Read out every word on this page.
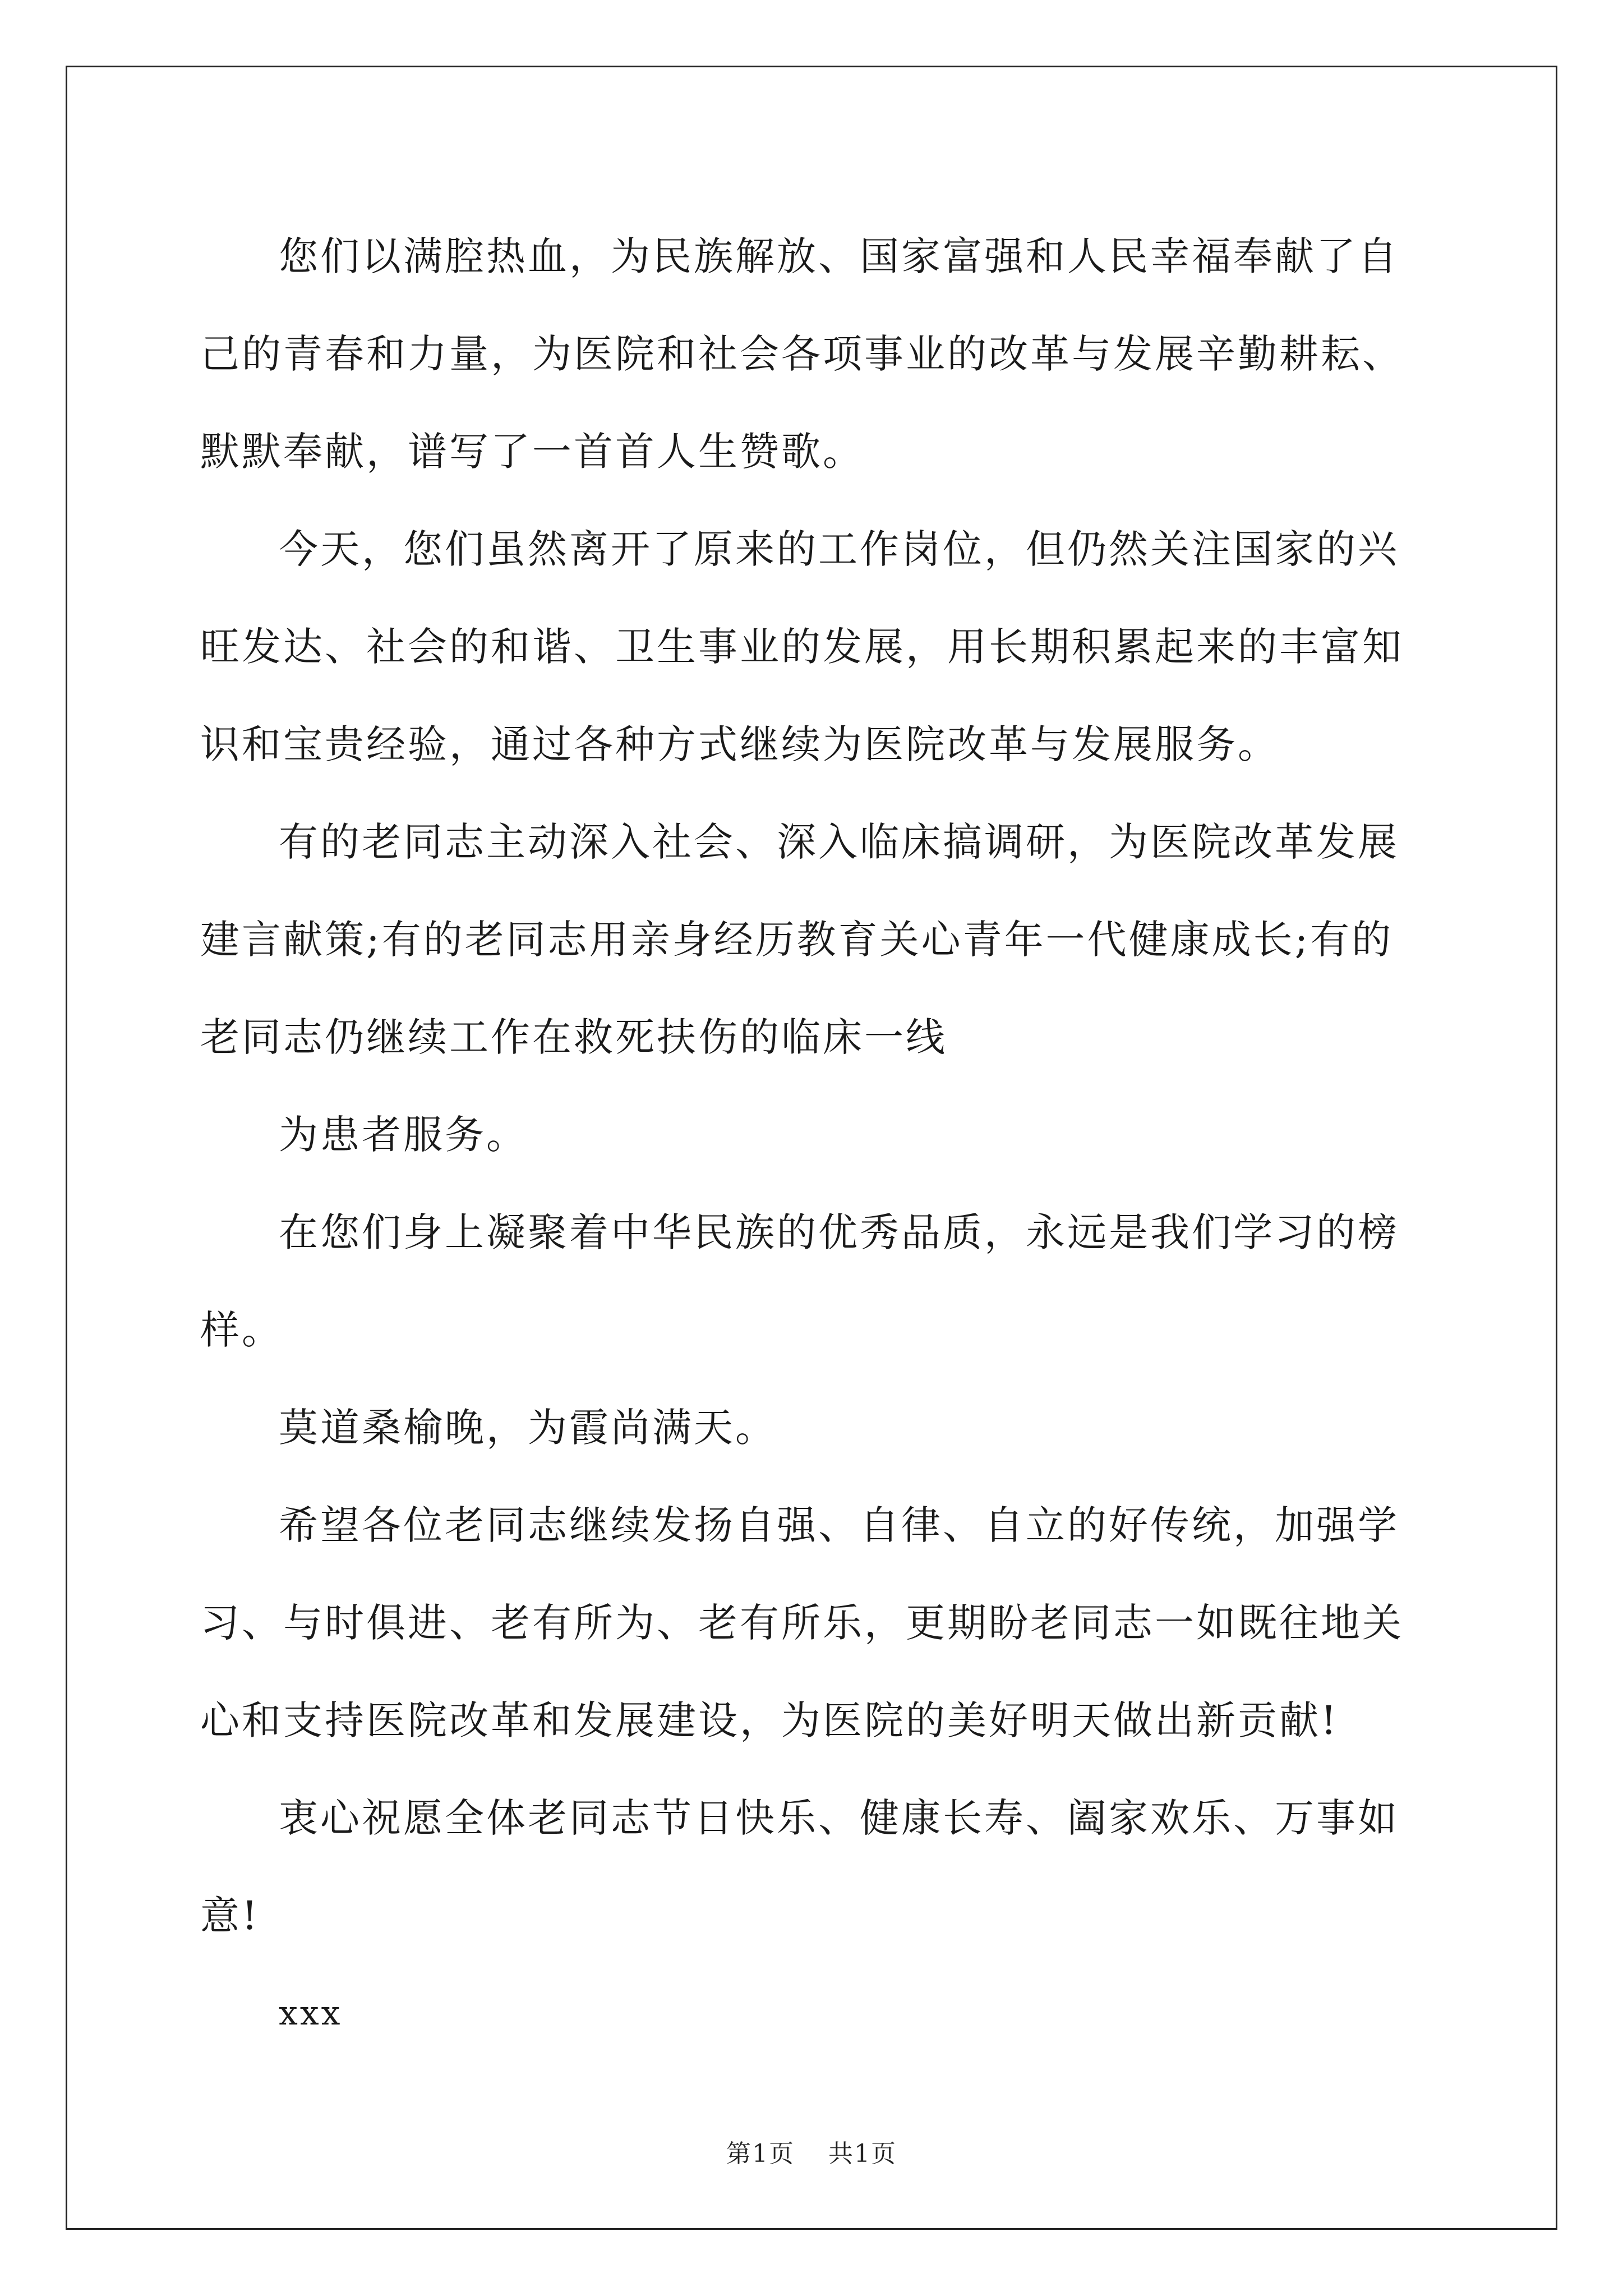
您们以满腔热血，为民族解放、国家富强和人民幸福奉献了自己的青春和力量，为医院和社会各项事业的改革与发展辛勤耕耘、默默奉献，谱写了一首首人生赞歌。

今天，您们虽然离开了原来的工作岗位，但仍然关注国家的兴旺发达、社会的和谐、卫生事业的发展，用长期积累起来的丰富知识和宝贵经验，通过各种方式继续为医院改革与发展服务。

有的老同志主动深入社会、深入临床搞调研，为医院改革发展建言献策;有的老同志用亲身经历教育关心青年一代健康成长;有的老同志仍继续工作在救死扶伤的临床一线

为患者服务。

在您们身上凝聚着中华民族的优秀品质，永远是我们学习的榜样。

莫道桑榆晚，为霞尚满天。

希望各位老同志继续发扬自强、自律、自立的好传统，加强学习、与时俱进、老有所为、老有所乐，更期盼老同志一如既往地关心和支持医院改革和发展建设，为医院的美好明天做出新贡献!

衷心祝愿全体老同志节日快乐、健康长寿、阖家欢乐、万事如意!

xxx

第1页 共1页
